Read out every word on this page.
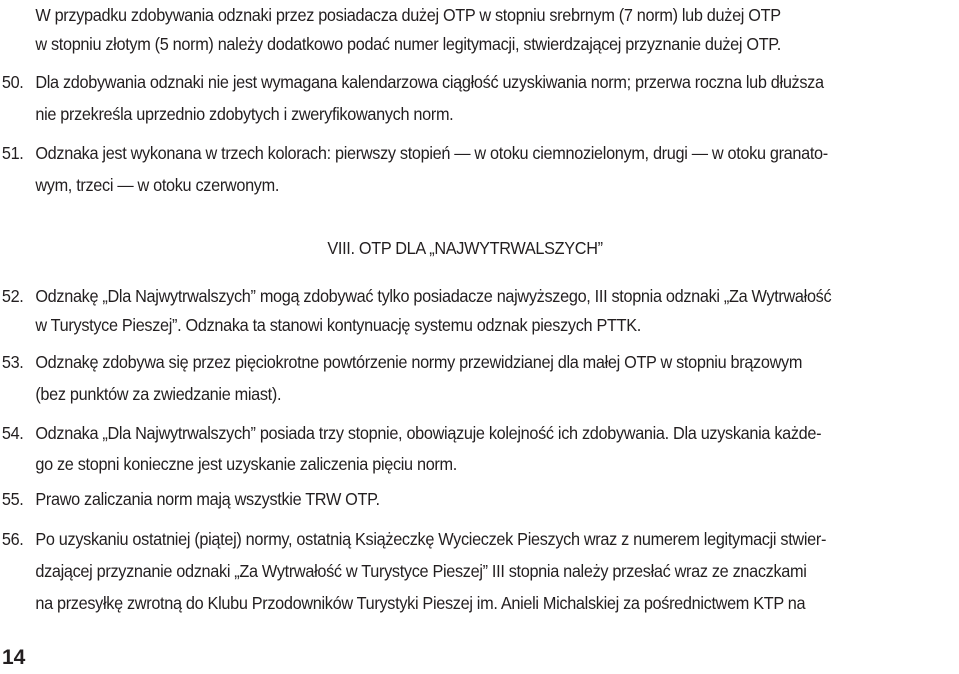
W przypadku zdobywania odznaki przez posiadacza dużej OTP w stopniu srebrnym (7 norm) lub dużej OTP
w stopniu złotym (5 norm) należy dodatkowo podać numer legitymacji, stwierdzającej przyznanie dużej OTP.
50. Dla zdobywania odznaki nie jest wymagana kalendarzowa ciągłość uzyskiwania norm; przerwa roczna lub dłuższa
nie przekreśla uprzednio zdobytych i zweryfikowanych norm.
51. Odznaka jest wykonana w trzech kolorach: pierwszy stopień — w otoku ciemnozielonym, drugi — w otoku granato-
wym, trzeci — w otoku czerwonym.
VIII. OTP DLA „NAJWYTRWALSZYCH”
52. Odznakę „Dla Najwytrwalszych” mogą zdobywać tylko posiadacze najwyższego, III stopnia odznaki „Za Wytrwałość
w Turystyce Pieszej”. Odznaka ta stanowi kontynuację systemu odznak pieszych PTTK.
53. Odznakę zdobywa się przez pięciokrotne powtórzenie normy przewidzianej dla małej OTP w stopniu brązowym
(bez punktów za zwiedzanie miast).
54. Odznaka „Dla Najwytrwalszych” posiada trzy stopnie, obowiązuje kolejność ich zdobywania. Dla uzyskania każde-
go ze stopni konieczne jest uzyskanie zaliczenia pięciu norm.
55. Prawo zaliczania norm mają wszystkie TRW OTP.
56. Po uzyskaniu ostatniej (piątej) normy, ostatnią Książeczkę Wycieczek Pieszych wraz z numerem legitymacji stwier-
dzającej przyznanie odznaki „Za Wytrwałość w Turystyce Pieszej” III stopnia należy przesłać wraz ze znaczkami
na przesyłkę zwrotną do Klubu Przodowników Turystyki Pieszej im. Anieli Michalskiej za pośrednictwem KTP na
14
